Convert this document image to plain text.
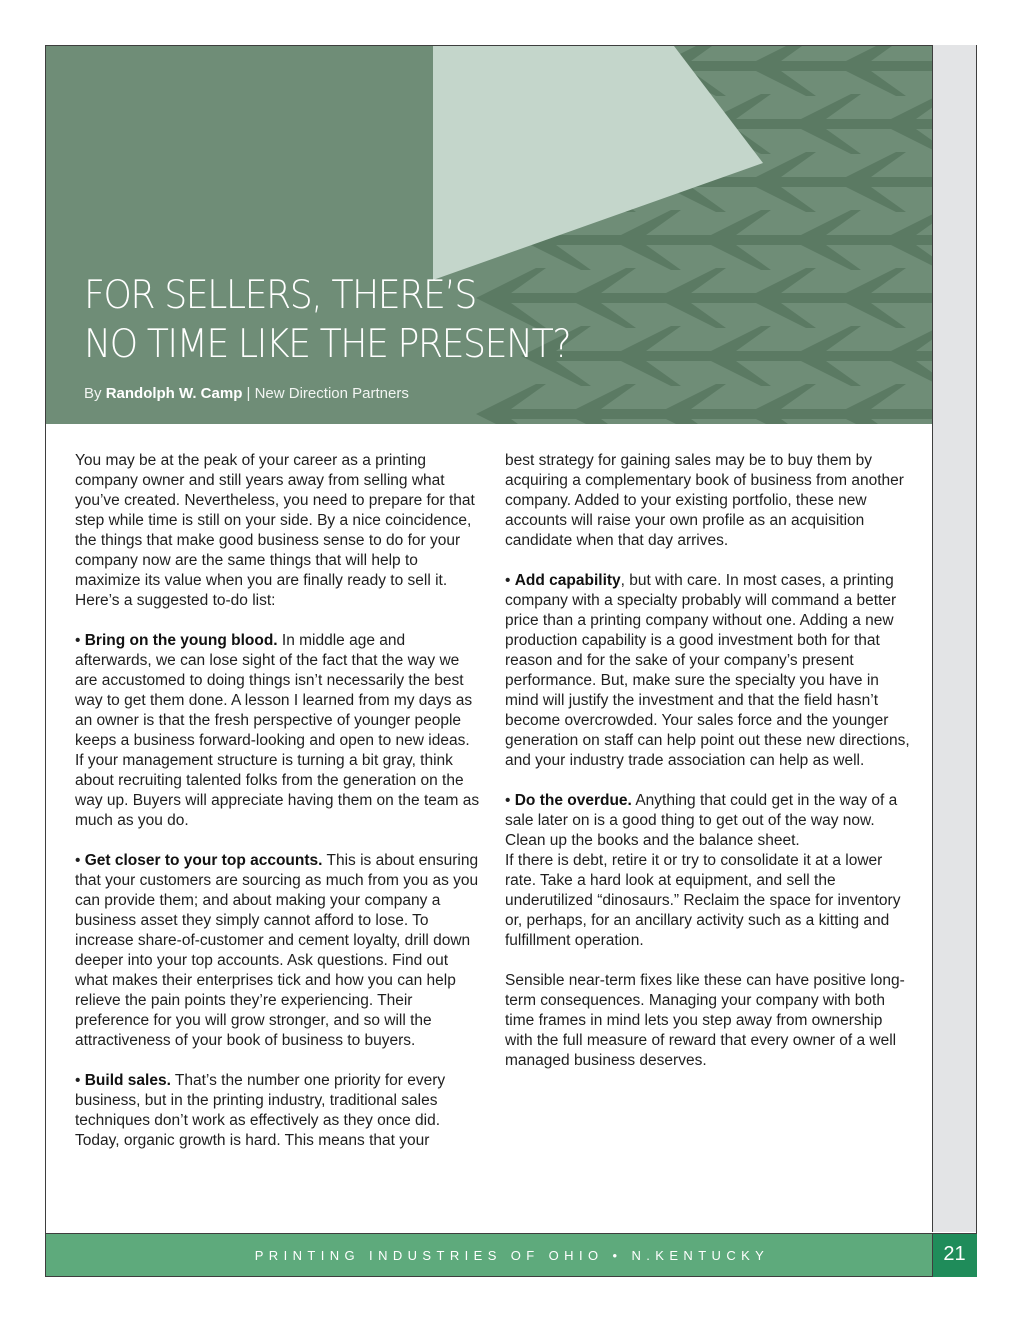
FOR SELLERS, THERE’S
NO TIME LIKE THE PRESENT?
By Randolph W. Camp | New Direction Partners

You may be at the peak of your career as a printing company owner and still years away from selling what you’ve created. Nevertheless, you need to prepare for that step while time is still on your side. By a nice coincidence, the things that make good business sense to do for your company now are the same things that will help to maximize its value when you are finally ready to sell it. Here’s a suggested to-do list:

• Bring on the young blood. In middle age and afterwards, we can lose sight of the fact that the way we are accustomed to doing things isn’t necessarily the best way to get them done. A lesson I learned from my days as an owner is that the fresh perspective of younger people keeps a business forward-looking and open to new ideas. If your management structure is turning a bit gray, think about recruiting talented folks from the generation on the way up. Buyers will appreciate having them on the team as much as you do.

• Get closer to your top accounts. This is about ensuring that your customers are sourcing as much from you as you can provide them; and about making your company a business asset they simply cannot afford to lose. To increase share-of-customer and cement loyalty, drill down deeper into your top accounts. Ask questions. Find out what makes their enterprises tick and how you can help relieve the pain points they’re experiencing. Their preference for you will grow stronger, and so will the attractiveness of your book of business to buyers.

• Build sales. That’s the number one priority for every business, but in the printing industry, traditional sales techniques don’t work as effectively as they once did. Today, organic growth is hard. This means that your

best strategy for gaining sales may be to buy them by acquiring a complementary book of business from another company. Added to your existing portfolio, these new accounts will raise your own profile as an acquisition candidate when that day arrives.

• Add capability, but with care. In most cases, a printing company with a specialty probably will command a better price than a printing company without one. Adding a new production capability is a good investment both for that reason and for the sake of your company’s present performance. But, make sure the specialty you have in mind will justify the investment and that the field hasn’t become overcrowded. Your sales force and the younger generation on staff can help point out these new directions, and your industry trade association can help as well.

• Do the overdue. Anything that could get in the way of a sale later on is a good thing to get out of the way now. Clean up the books and the balance sheet.
If there is debt, retire it or try to consolidate it at a lower rate. Take a hard look at equipment, and sell the underutilized “dinosaurs.” Reclaim the space for inventory or, perhaps, for an ancillary activity such as a kitting and fulfillment operation.

Sensible near-term fixes like these can have positive long-term consequences. Managing your company with both time frames in mind lets you step away from ownership with the full measure of reward that every owner of a well managed business deserves.

PRINTING INDUSTRIES OF OHIO • N.KENTUCKY	21
